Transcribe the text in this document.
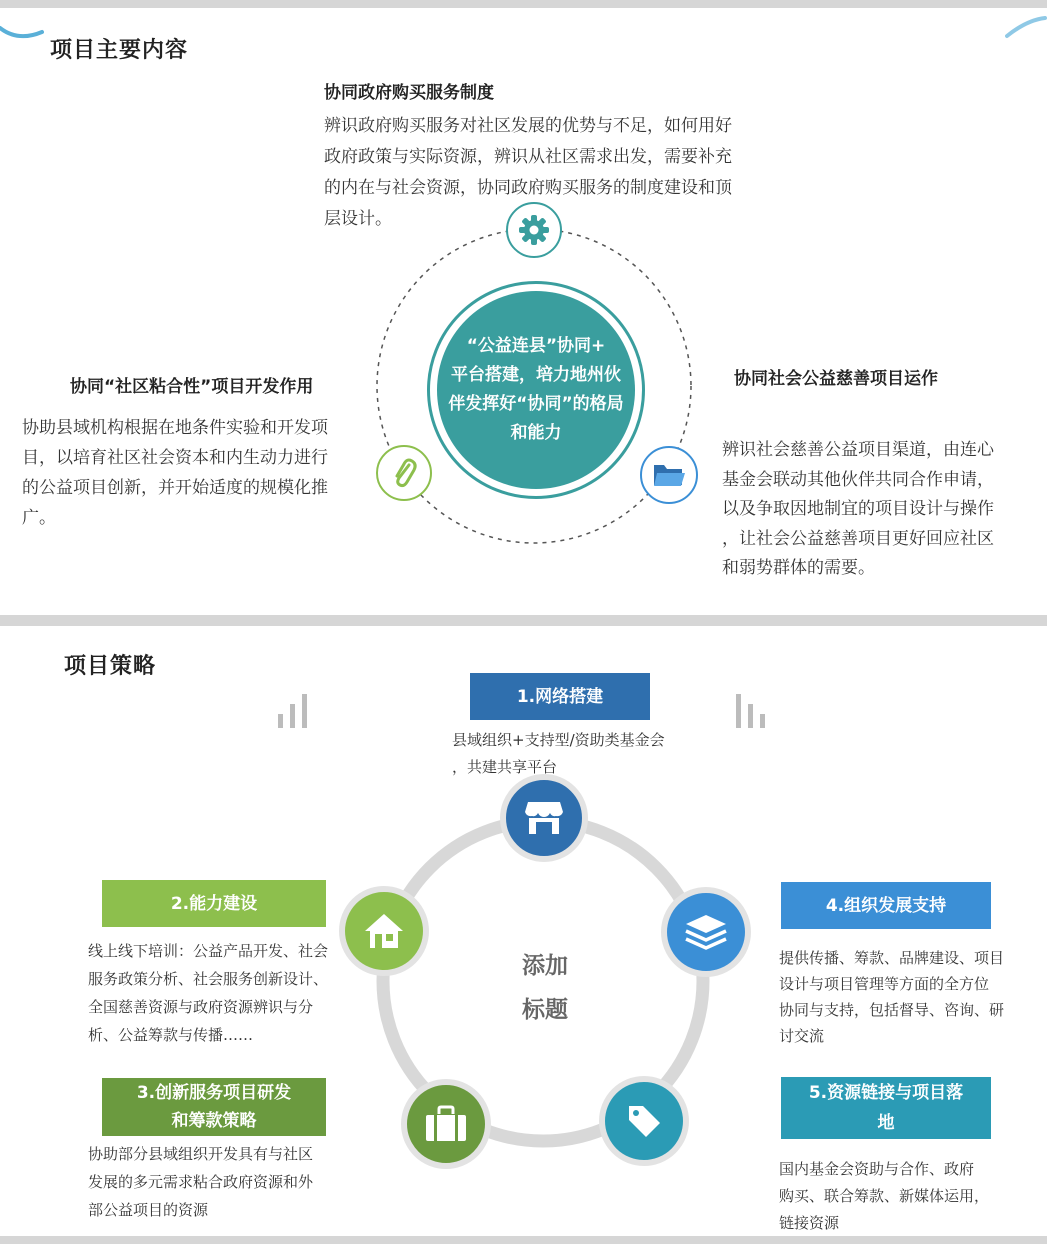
项目主要内容
协同政府购买服务制度
辨识政府购买服务对社区发展的优势与不足，如何用好
政府政策与实际资源，辨识从社区需求出发，需要补充
的内在与社会资源，协同政府购买服务的制度建设和顶
层设计。
“公益连县”协同+
平台搭建，培力地州伙
伴发挥好“协同”的格局
和能力
协同“社区粘合性”项目开发作用
协助县域机构根据在地条件实验和开发项
目，以培育社区社会资本和内生动力进行
的公益项目创新，并开始适度的规模化推
广。
协同社会公益慈善项目运作
辨识社会慈善公益项目渠道，由连心
基金会联动其他伙伴共同合作申请，
以及争取因地制宜的项目设计与操作
，让社会公益慈善项目更好回应社区
和弱势群体的需要。
项目策略
添加
标题
1.网络搭建
县域组织+支持型/资助类基金会
，共建共享平台
2.能力建设
线上线下培训：公益产品开发、社会
服务政策分析、社会服务创新设计、
全国慈善资源与政府资源辨识与分
析、公益筹款与传播……
3.创新服务项目研发
和筹款策略
协助部分县域组织开发具有与社区
发展的多元需求粘合政府资源和外
部公益项目的资源
4.组织发展支持
提供传播、筹款、品牌建设、项目
设计与项目管理等方面的全方位
协同与支持，包括督导、咨询、研
讨交流
5.资源链接与项目落
地
国内基金会资助与合作、政府
购买、联合筹款、新媒体运用，
链接资源
